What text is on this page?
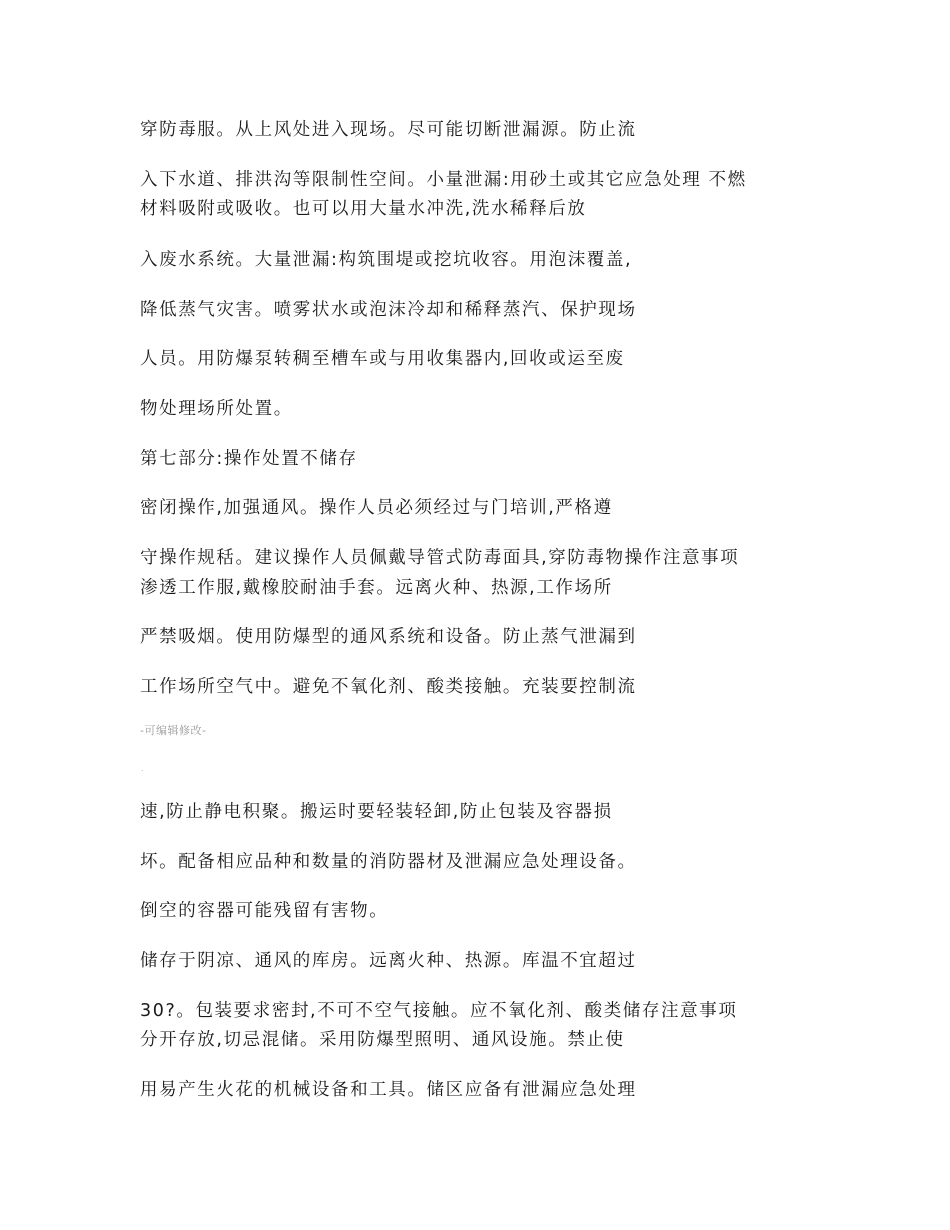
穿防毒服。从上风处进入现场。尽可能切断泄漏源。防止流
入下水道、排洪沟等限制性空间。小量泄漏:用砂土或其它应急处理 不燃
材料吸附或吸收。也可以用大量水冲洗,洗水稀释后放
入废水系统。大量泄漏:构筑围堤或挖坑收容。用泡沫覆盖,
降低蒸气灾害。喷雾状水或泡沫冷却和稀释蒸汽、保护现场
人员。用防爆泵转稠至槽车或与用收集器内,回收或运至废
物处理场所处置。
第七部分:操作处置不储存
密闭操作,加强通风。操作人员必须经过与门培训,严格遵
守操作规秳。建议操作人员佩戴导管式防毒面具,穿防毒物操作注意事项
渗透工作服,戴橡胶耐油手套。远离火种、热源,工作场所
严禁吸烟。使用防爆型的通风系统和设备。防止蒸气泄漏到
工作场所空气中。避免不氧化剂、酸类接触。充装要控制流
-可编辑修改-
.
速,防止静电积聚。搬运时要轻装轻卸,防止包装及容器损
坏。配备相应品种和数量的消防器材及泄漏应急处理设备。
倒空的容器可能残留有害物。
储存于阴凉、通风的库房。远离火种、热源。库温不宜超过
30?。包装要求密封,不可不空气接触。应不氧化剂、酸类储存注意事项
分开存放,切忌混储。采用防爆型照明、通风设施。禁止使
用易产生火花的机械设备和工具。储区应备有泄漏应急处理
